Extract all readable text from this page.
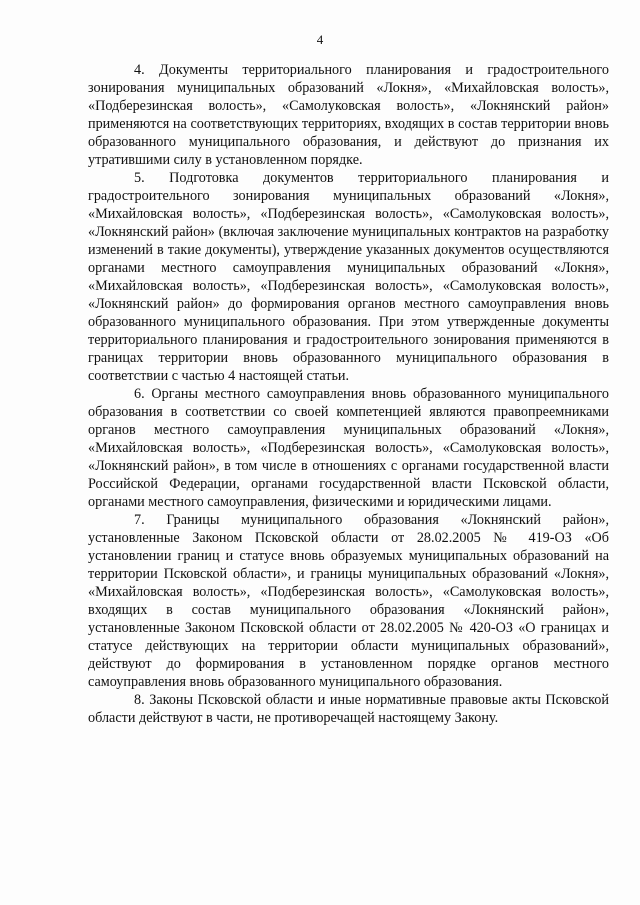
4

4. Документы территориального планирования и градостроительного зонирования муниципальных образований «Локня», «Михайловская волость», «Подберезинская волость», «Самолуковская волость», «Локнянский район» применяются на соответствующих территориях, входящих в состав территории вновь образованного муниципального образования, и действуют до признания их утратившими силу в установленном порядке.

5. Подготовка документов территориального планирования и градостроительного зонирования муниципальных образований «Локня», «Михайловская волость», «Подберезинская волость», «Самолуковская волость», «Локнянский район» (включая заключение муниципальных контрактов на разработку изменений в такие документы), утверждение указанных документов осуществляются органами местного самоуправления муниципальных образований «Локня», «Михайловская волость», «Подберезинская волость», «Самолуковская волость», «Локнянский район» до формирования органов местного самоуправления вновь образованного муниципального образования. При этом утвержденные документы территориального планирования и градостроительного зонирования применяются в границах территории вновь образованного муниципального образования в соответствии с частью 4 настоящей статьи.

6. Органы местного самоуправления вновь образованного муниципального образования в соответствии со своей компетенцией являются правопреемниками органов местного самоуправления муниципальных образований «Локня», «Михайловская волость», «Подберезинская волость», «Самолуковская волость», «Локнянский район», в том числе в отношениях с органами государственной власти Российской Федерации, органами государственной власти Псковской области, органами местного самоуправления, физическими и юридическими лицами.

7. Границы муниципального образования «Локнянский район», установленные Законом Псковской области от 28.02.2005 № 419-ОЗ «Об установлении границ и статусе вновь образуемых муниципальных образований на территории Псковской области», и границы муниципальных образований «Локня», «Михайловская волость», «Подберезинская волость», «Самолуковская волость», входящих в состав муниципального образования «Локнянский район», установленные Законом Псковской области от 28.02.2005 № 420-ОЗ «О границах и статусе действующих на территории области муниципальных образований», действуют до формирования в установленном порядке органов местного самоуправления вновь образованного муниципального образования.

8. Законы Псковской области и иные нормативные правовые акты Псковской области действуют в части, не противоречащей настоящему Закону.
